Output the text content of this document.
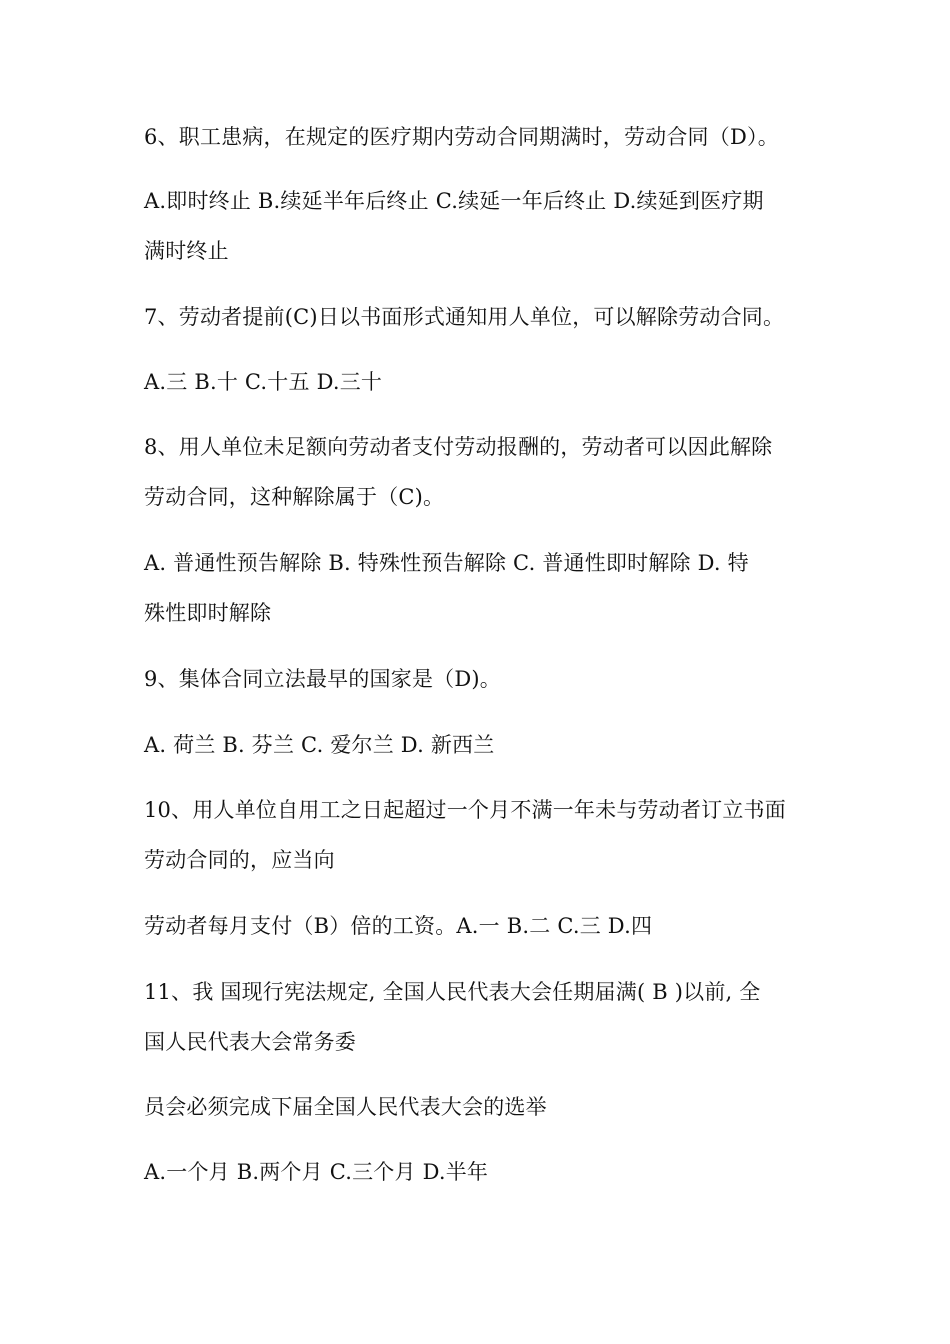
6、职工患病，在规定的医疗期内劳动合同期满时，劳动合同（D）。
A.即时终止 B.续延半年后终止 C.续延一年后终止 D.续延到医疗期
满时终止
7、劳动者提前(C)日以书面形式通知用人单位，可以解除劳动合同。
A.三 B.十 C.十五 D.三十
8、用人单位未足额向劳动者支付劳动报酬的，劳动者可以因此解除
劳动合同，这种解除属于（C)。
A. 普通性预告解除 B. 特殊性预告解除 C. 普通性即时解除 D. 特
殊性即时解除
9、集体合同立法最早的国家是（D)。
A. 荷兰 B. 芬兰 C. 爱尔兰 D. 新西兰
10、用人单位自用工之日起超过一个月不满一年未与劳动者订立书面
劳动合同的，应当向
劳动者每月支付（B）倍的工资。A.一 B.二 C.三 D.四
11、我 国现行宪法规定, 全国人民代表大会任期届满( B )以前, 全
国人民代表大会常务委
员会必须完成下届全国人民代表大会的选举
A.一个月 B.两个月 C.三个月 D.半年
